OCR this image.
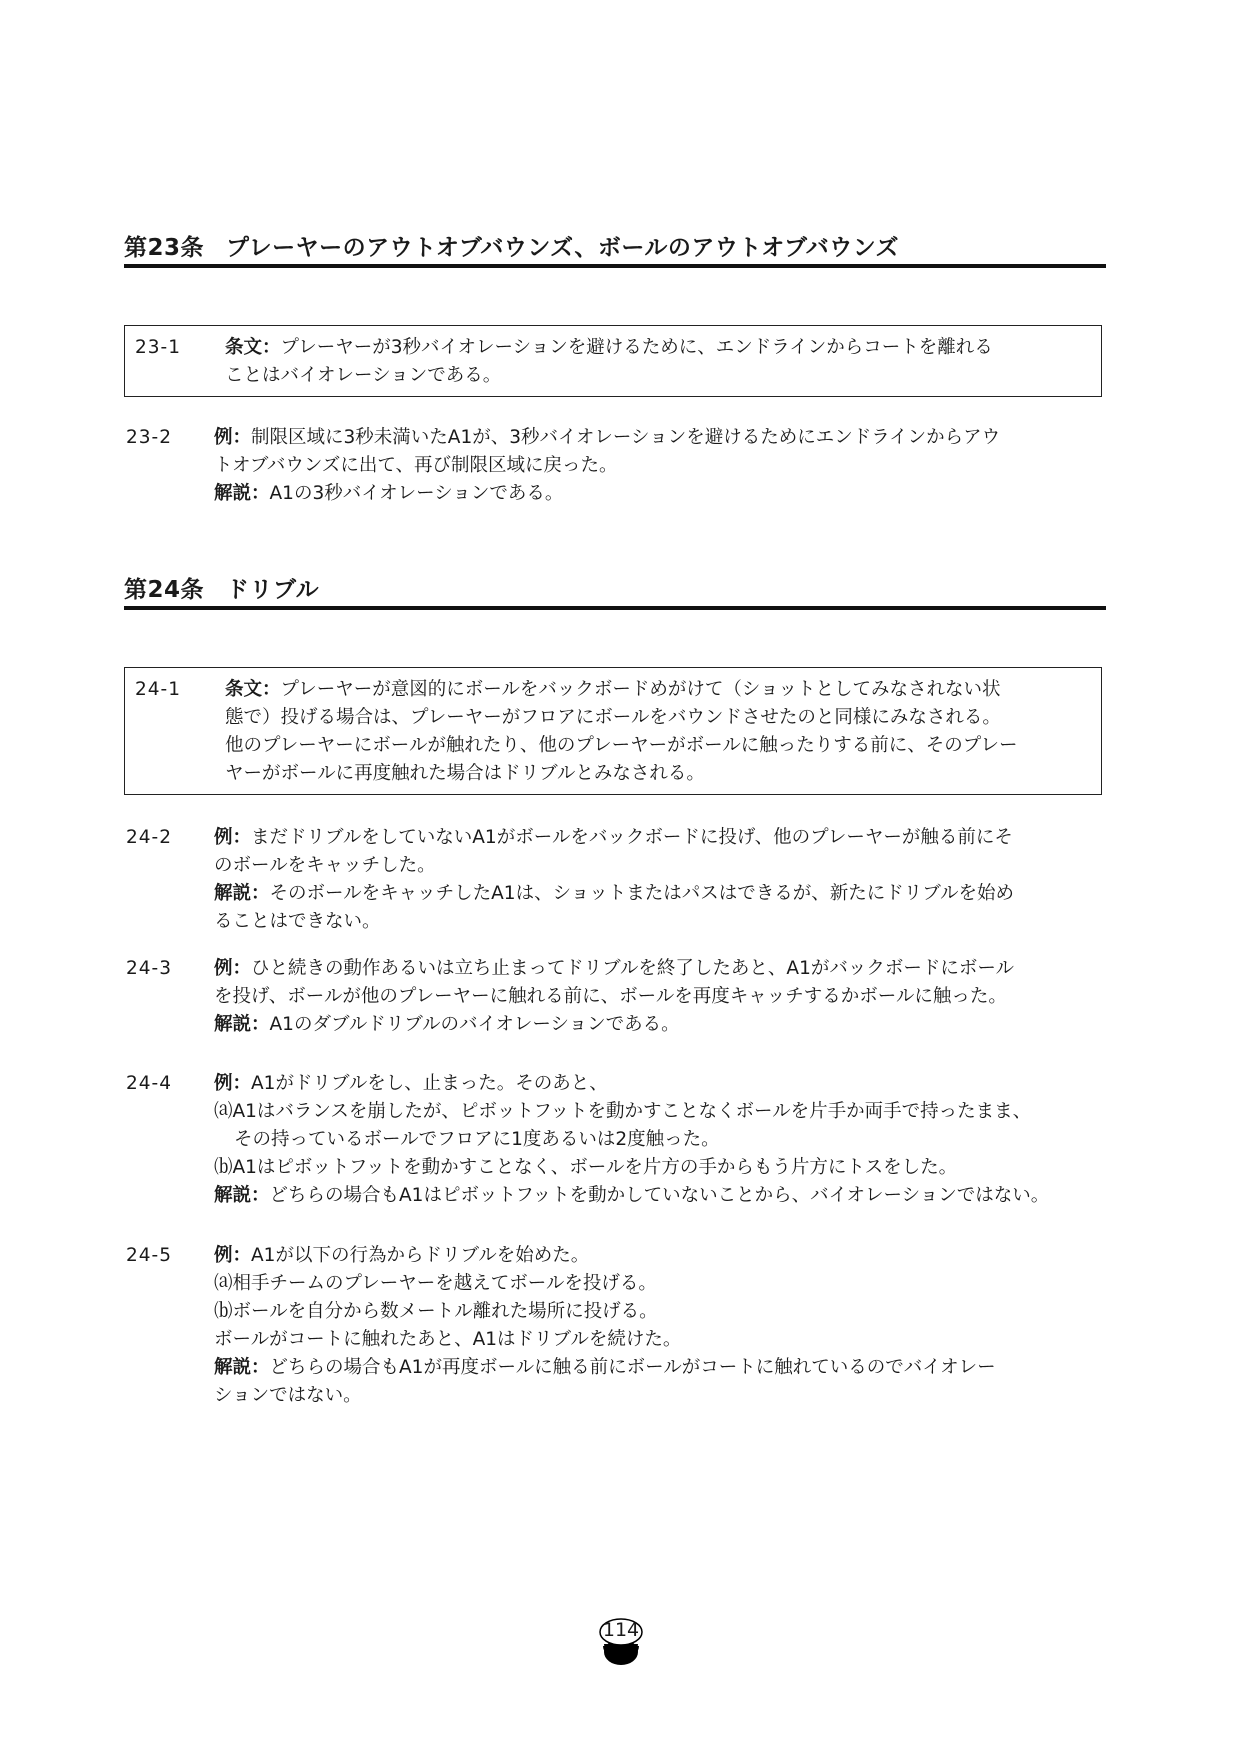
第23条 プレーヤーのアウトオブバウンズ、ボールのアウトオブバウンズ
23-1	条文：プレーヤーが3秒バイオレーションを避けるために、エンドラインからコートを離れる
ことはバイオレーションである。
23-2	例：制限区域に3秒未満いたA1が、3秒バイオレーションを避けるためにエンドラインからアウ
トオブバウンズに出て、再び制限区域に戻った。
解説：A1の3秒バイオレーションである。
第24条 ドリブル
24-1	条文：プレーヤーが意図的にボールをバックボードめがけて（ショットとしてみなされない状
態で）投げる場合は、プレーヤーがフロアにボールをバウンドさせたのと同様にみなされる。
他のプレーヤーにボールが触れたり、他のプレーヤーがボールに触ったりする前に、そのプレー
ヤーがボールに再度触れた場合はドリブルとみなされる。
24-2	例：まだドリブルをしていないA1がボールをバックボードに投げ、他のプレーヤーが触る前にそ
のボールをキャッチした。
解説：そのボールをキャッチしたA1は、ショットまたはパスはできるが、新たにドリブルを始め
ることはできない。
24-3	例：ひと続きの動作あるいは立ち止まってドリブルを終了したあと、A1がバックボードにボール
を投げ、ボールが他のプレーヤーに触れる前に、ボールを再度キャッチするかボールに触った。
解説：A1のダブルドリブルのバイオレーションである。
24-4	例：A1がドリブルをし、止まった。そのあと、
⒜A1はバランスを崩したが、ピボットフットを動かすことなくボールを片手か両手で持ったまま、
その持っているボールでフロアに1度あるいは2度触った。
⒝A1はピボットフットを動かすことなく、ボールを片方の手からもう片方にトスをした。
解説：どちらの場合もA1はピボットフットを動かしていないことから、バイオレーションではない。
24-5	例：A1が以下の行為からドリブルを始めた。
⒜相手チームのプレーヤーを越えてボールを投げる。
⒝ボールを自分から数メートル離れた場所に投げる。
ボールがコートに触れたあと、A1はドリブルを続けた。
解説：どちらの場合もA1が再度ボールに触る前にボールがコートに触れているのでバイオレー
ションではない。
114
